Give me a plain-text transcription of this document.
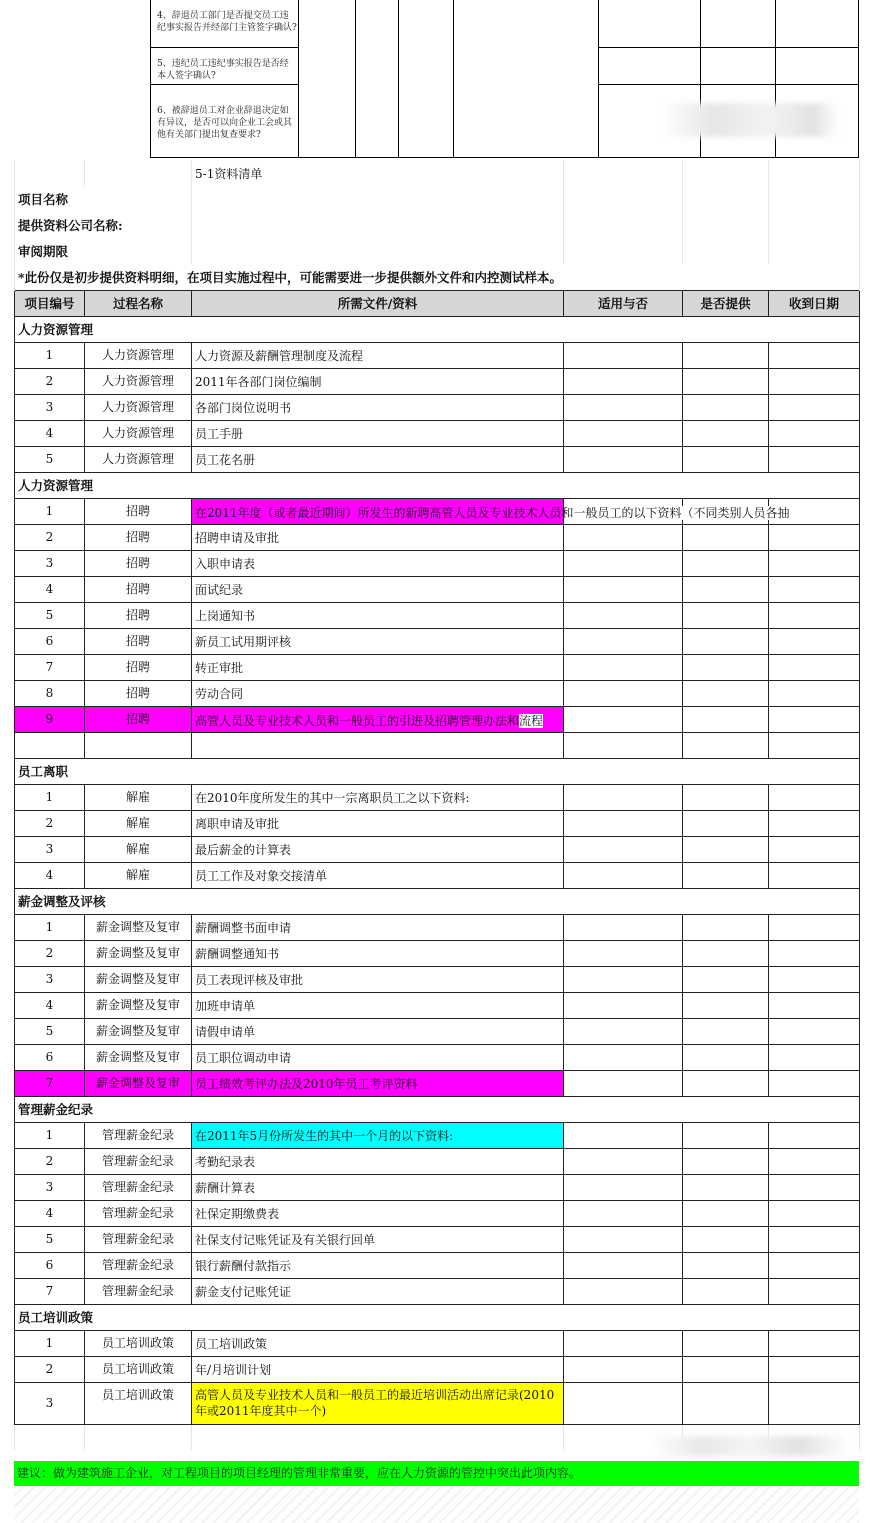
4、辞退员工部门是否提交员工违纪事实报告并经部门主管签字确认?
5、违纪员工违纪事实报告是否经本人签字确认?
6、被辞退员工对企业辞退决定如有异议，是否可以向企业工会或其他有关部门提出复查要求?
		5-1资料清单			
项目名称					
提供资料公司名称:					
审阅期限					
*此份仅是初步提供资料明细，在项目实施过程中，可能需要进一步提供额外文件和内控测试样本。					
项目编号	过程名称	所需文件/资料	适用与否	是否提供	收到日期
人力资源管理					
1	人力资源管理	人力资源及薪酬管理制度及流程			
2	人力资源管理	2011年各部门岗位编制			
3	人力资源管理	各部门岗位说明书			
4	人力资源管理	员工手册			
5	人力资源管理	员工花名册			
人力资源管理					
1	招聘	在2011年度（或者最近期间）所发生的新聘高管人员及专业技术人员和一般员工的以下资料（不同类别人员各抽			

2	招聘	招聘申请及审批			
3	招聘	入职申请表			
4	招聘	面试纪录			
5	招聘	上岗通知书			
6	招聘	新员工试用期评核			
7	招聘	转正审批			
8	招聘	劳动合同			
9	招聘	高管人员及专业技术人员和一般员工的引进及招聘管理办法和流程			

员工离职					
1	解雇	在2010年度所发生的其中一宗离职员工之以下资料:			
2	解雇	离职申请及审批			
3	解雇	最后薪金的计算表			
4	解雇	员工工作及对象交接清单			
薪金调整及评核					
1	薪金调整及复审	薪酬调整书面申请			
2	薪金调整及复审	薪酬调整通知书			
3	薪金调整及复审	员工表现评核及审批			
4	薪金调整及复审	加班申请单			
5	薪金调整及复审	请假申请单			
6	薪金调整及复审	员工职位调动申请			
7	薪金调整及复审	员工绩效考评办法及2010年员工考评资料			
管理薪金纪录					
1	管理薪金纪录	在2011年5月份所发生的其中一个月的以下资料:			
2	管理薪金纪录	考勤纪录表			
3	管理薪金纪录	薪酬计算表			
4	管理薪金纪录	社保定期缴费表			
5	管理薪金纪录	社保支付记账凭证及有关银行回单			
6	管理薪金纪录	银行薪酬付款指示			
7	管理薪金纪录	薪金支付记账凭证			
员工培训政策					
1	员工培训政策	员工培训政策			
2	员工培训政策	年/月培训计划			
3	员工培训政策	高管人员及专业技术人员和一般员工的最近培训活动出席记录(2010年或2011年度其中一个)			

建议：做为建筑施工企业，对工程项目的项目经理的管理非常重要，应在人力资源的管控中突出此项内容。
